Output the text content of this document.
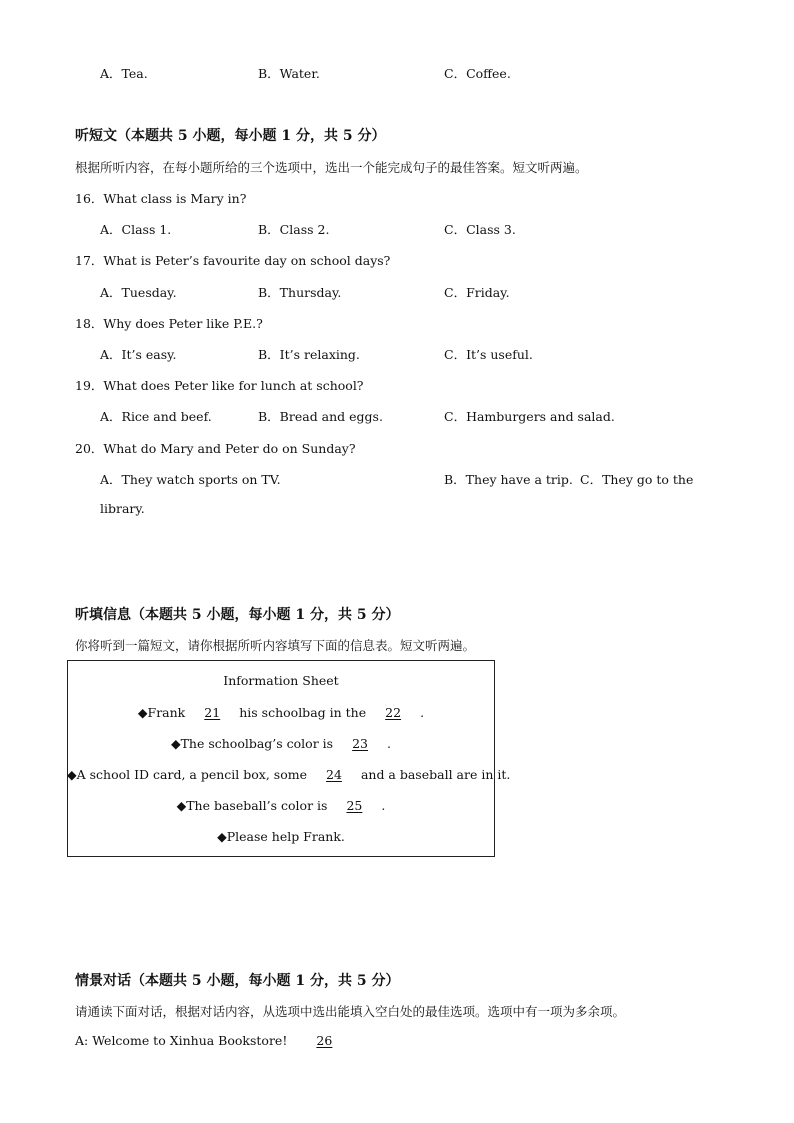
A．Tea.	B．Water.	C．Coffee.
听短文（本题共 5 小题，每小题 1 分，共 5 分）
根据所听内容，在每小题所给的三个选项中，选出一个能完成句子的最佳答案。短文听两遍。
16．What class is Mary in?
A．Class 1.	B．Class 2.	C．Class 3.
17．What is Peter’s favourite day on school days?
A．Tuesday.	B．Thursday.	C．Friday.
18．Why does Peter like P.E.?
A．It’s easy.	B．It’s relaxing.	C．It’s useful.
19．What does Peter like for lunch at school?
A．Rice and beef.	B．Bread and eggs.	C．Hamburgers and salad.
20．What do Mary and Peter do on Sunday?
A．They watch sports on TV.	B．They have a trip. C．They go to the
library.
听填信息（本题共 5 小题，每小题 1 分，共 5 分）
你将听到一篇短文，请你根据所听内容填写下面的信息表。短文听两遍。
Information Sheet
◆Frank 21 his schoolbag in the 22 .
◆The schoolbag’s color is 23 .
◆A school ID card, a pencil box, some 24 and a baseball are in it.
◆The baseball’s color is 25 .
◆Please help Frank.
情景对话（本题共 5 小题，每小题 1 分，共 5 分）
请通读下面对话，根据对话内容，从选项中选出能填入空白处的最佳选项。选项中有一项为多余项。
A: Welcome to Xinhua Bookstore! 26
